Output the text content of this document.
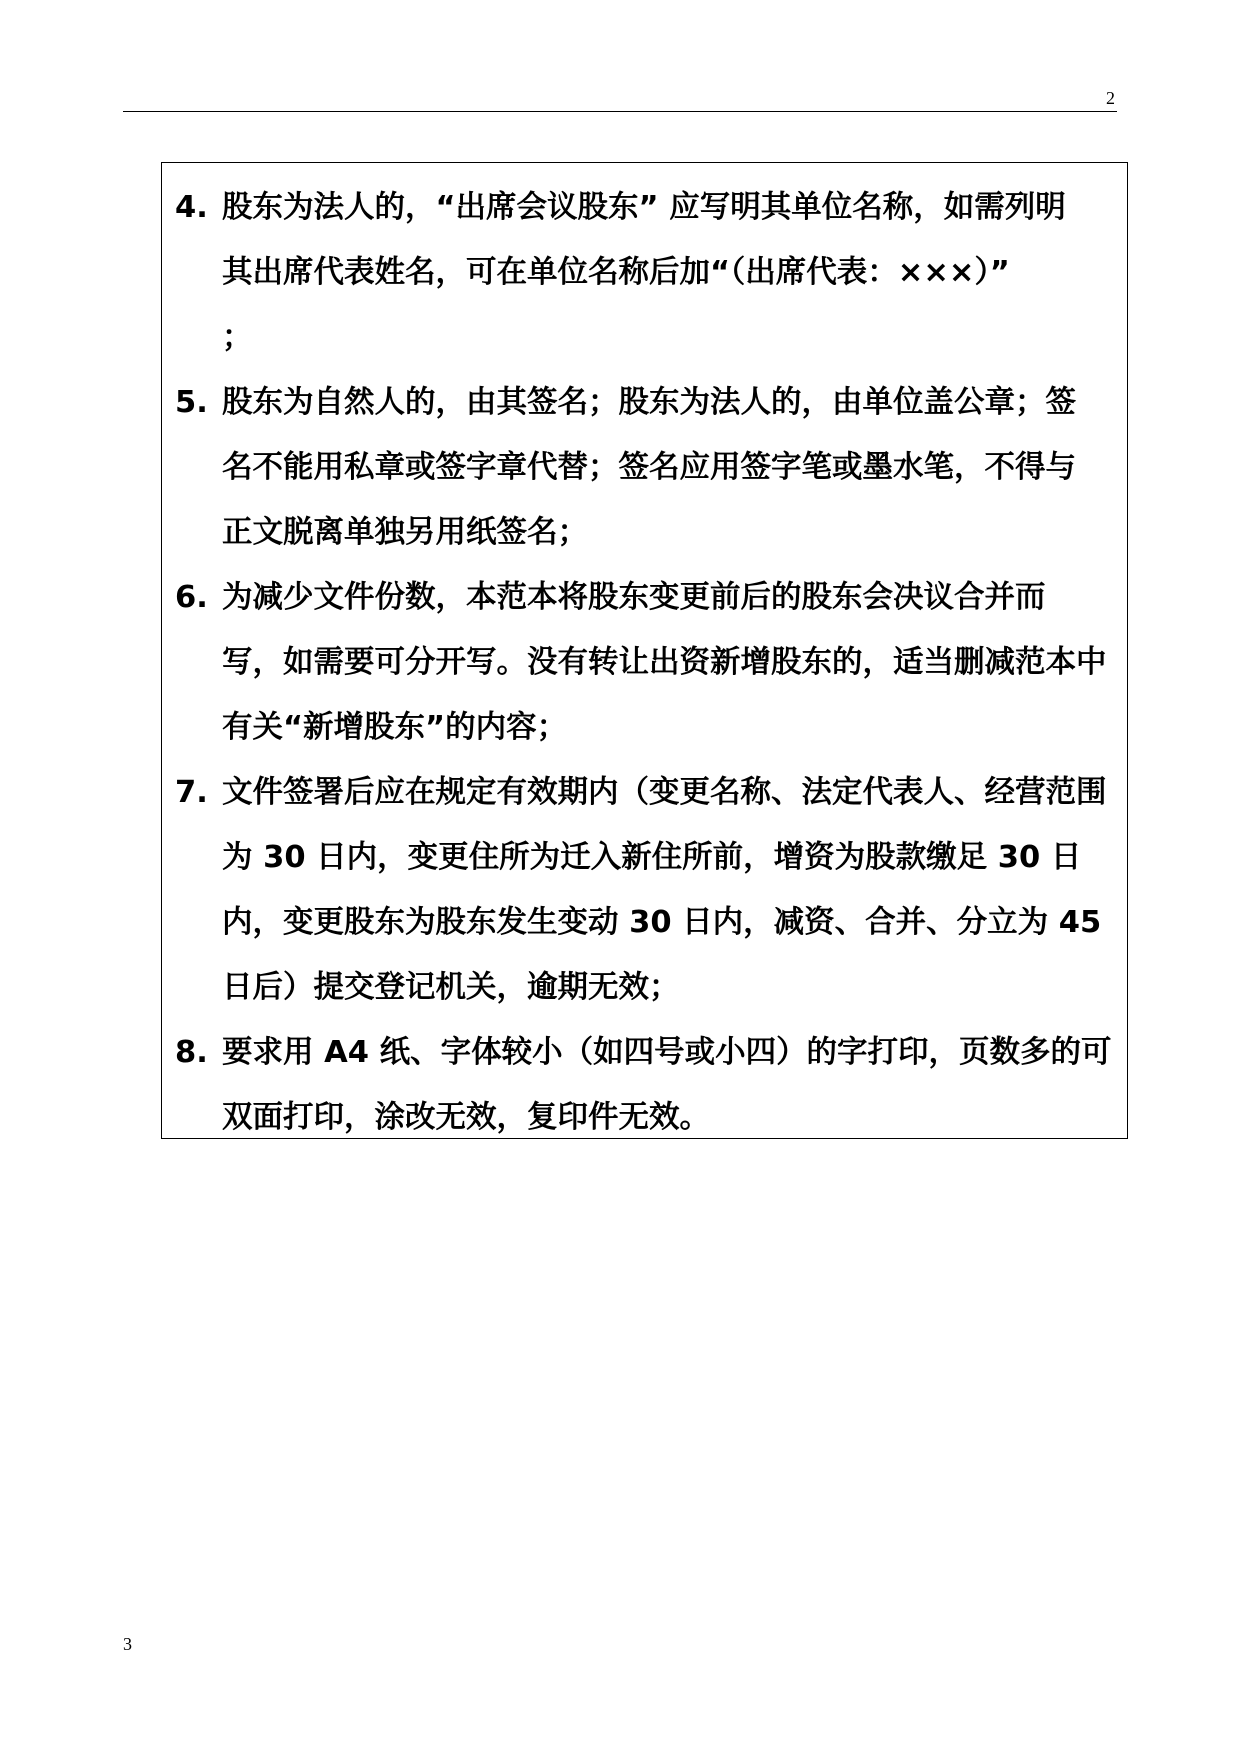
2
4. 股东为法人的，“出席会议股东” 应写明其单位名称，如需列明
其出席代表姓名，可在单位名称后加“（出席代表：×××）”
；
5. 股东为自然人的，由其签名；股东为法人的，由单位盖公章；签
名不能用私章或签字章代替；签名应用签字笔或墨水笔，不得与
正文脱离单独另用纸签名；
6. 为减少文件份数，本范本将股东变更前后的股东会决议合并而
写，如需要可分开写。没有转让出资新增股东的，适当删减范本中
有关“新增股东”的内容；
7. 文件签署后应在规定有效期内（变更名称、法定代表人、经营范围
为 30 日内，变更住所为迁入新住所前，增资为股款缴足 30 日
内，变更股东为股东发生变动 30 日内，减资、合并、分立为 45
日后）提交登记机关，逾期无效；
8. 要求用 A4 纸、字体较小（如四号或小四）的字打印，页数多的可
双面打印，涂改无效，复印件无效。
3
